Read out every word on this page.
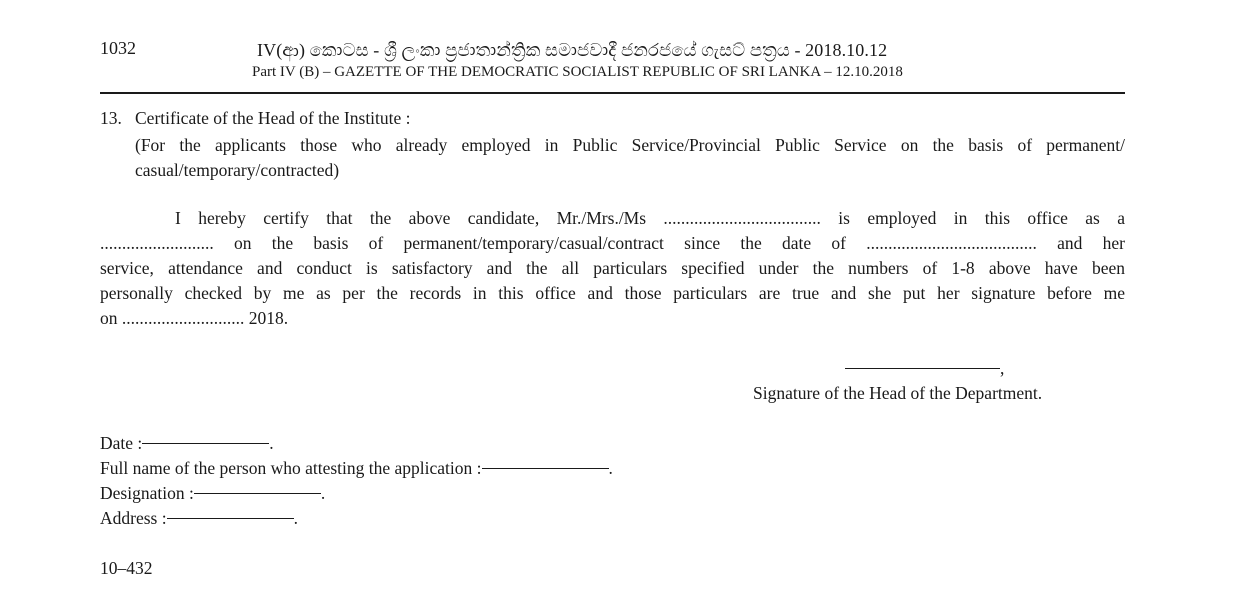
1032	IV(ආ) කොටස - ශ්‍රී ලංකා ප්‍රජාතාන්ත්‍රික සමාජවාදී ජනරජයේ ගැසට් පත්‍රය - 2018.10.12
Part IV (B) – GAZETTE OF THE DEMOCRATIC SOCIALIST REPUBLIC OF SRI LANKA – 12.10.2018
13. Certificate of the Head of the Institute :
(For the applicants those who already employed in Public Service/Provincial Public Service on the basis of permanent/ casual/temporary/contracted)
I hereby certify that the above candidate, Mr./Mrs./Ms .................................... is employed in this office as a
.......................... on the basis of permanent/temporary/casual/contract since the date of ....................................... and her
service, attendance and conduct is satisfactory and the all particulars specified under the numbers of 1-8 above have been
personally checked by me as per the records in this office and those particulars are true and she put her signature before me
on ............................ 2018.
,
Signature of the Head of the Department.
Date :	.
Full name of the person who attesting the application :	.
Designation :	.
Address :	.
10–432
